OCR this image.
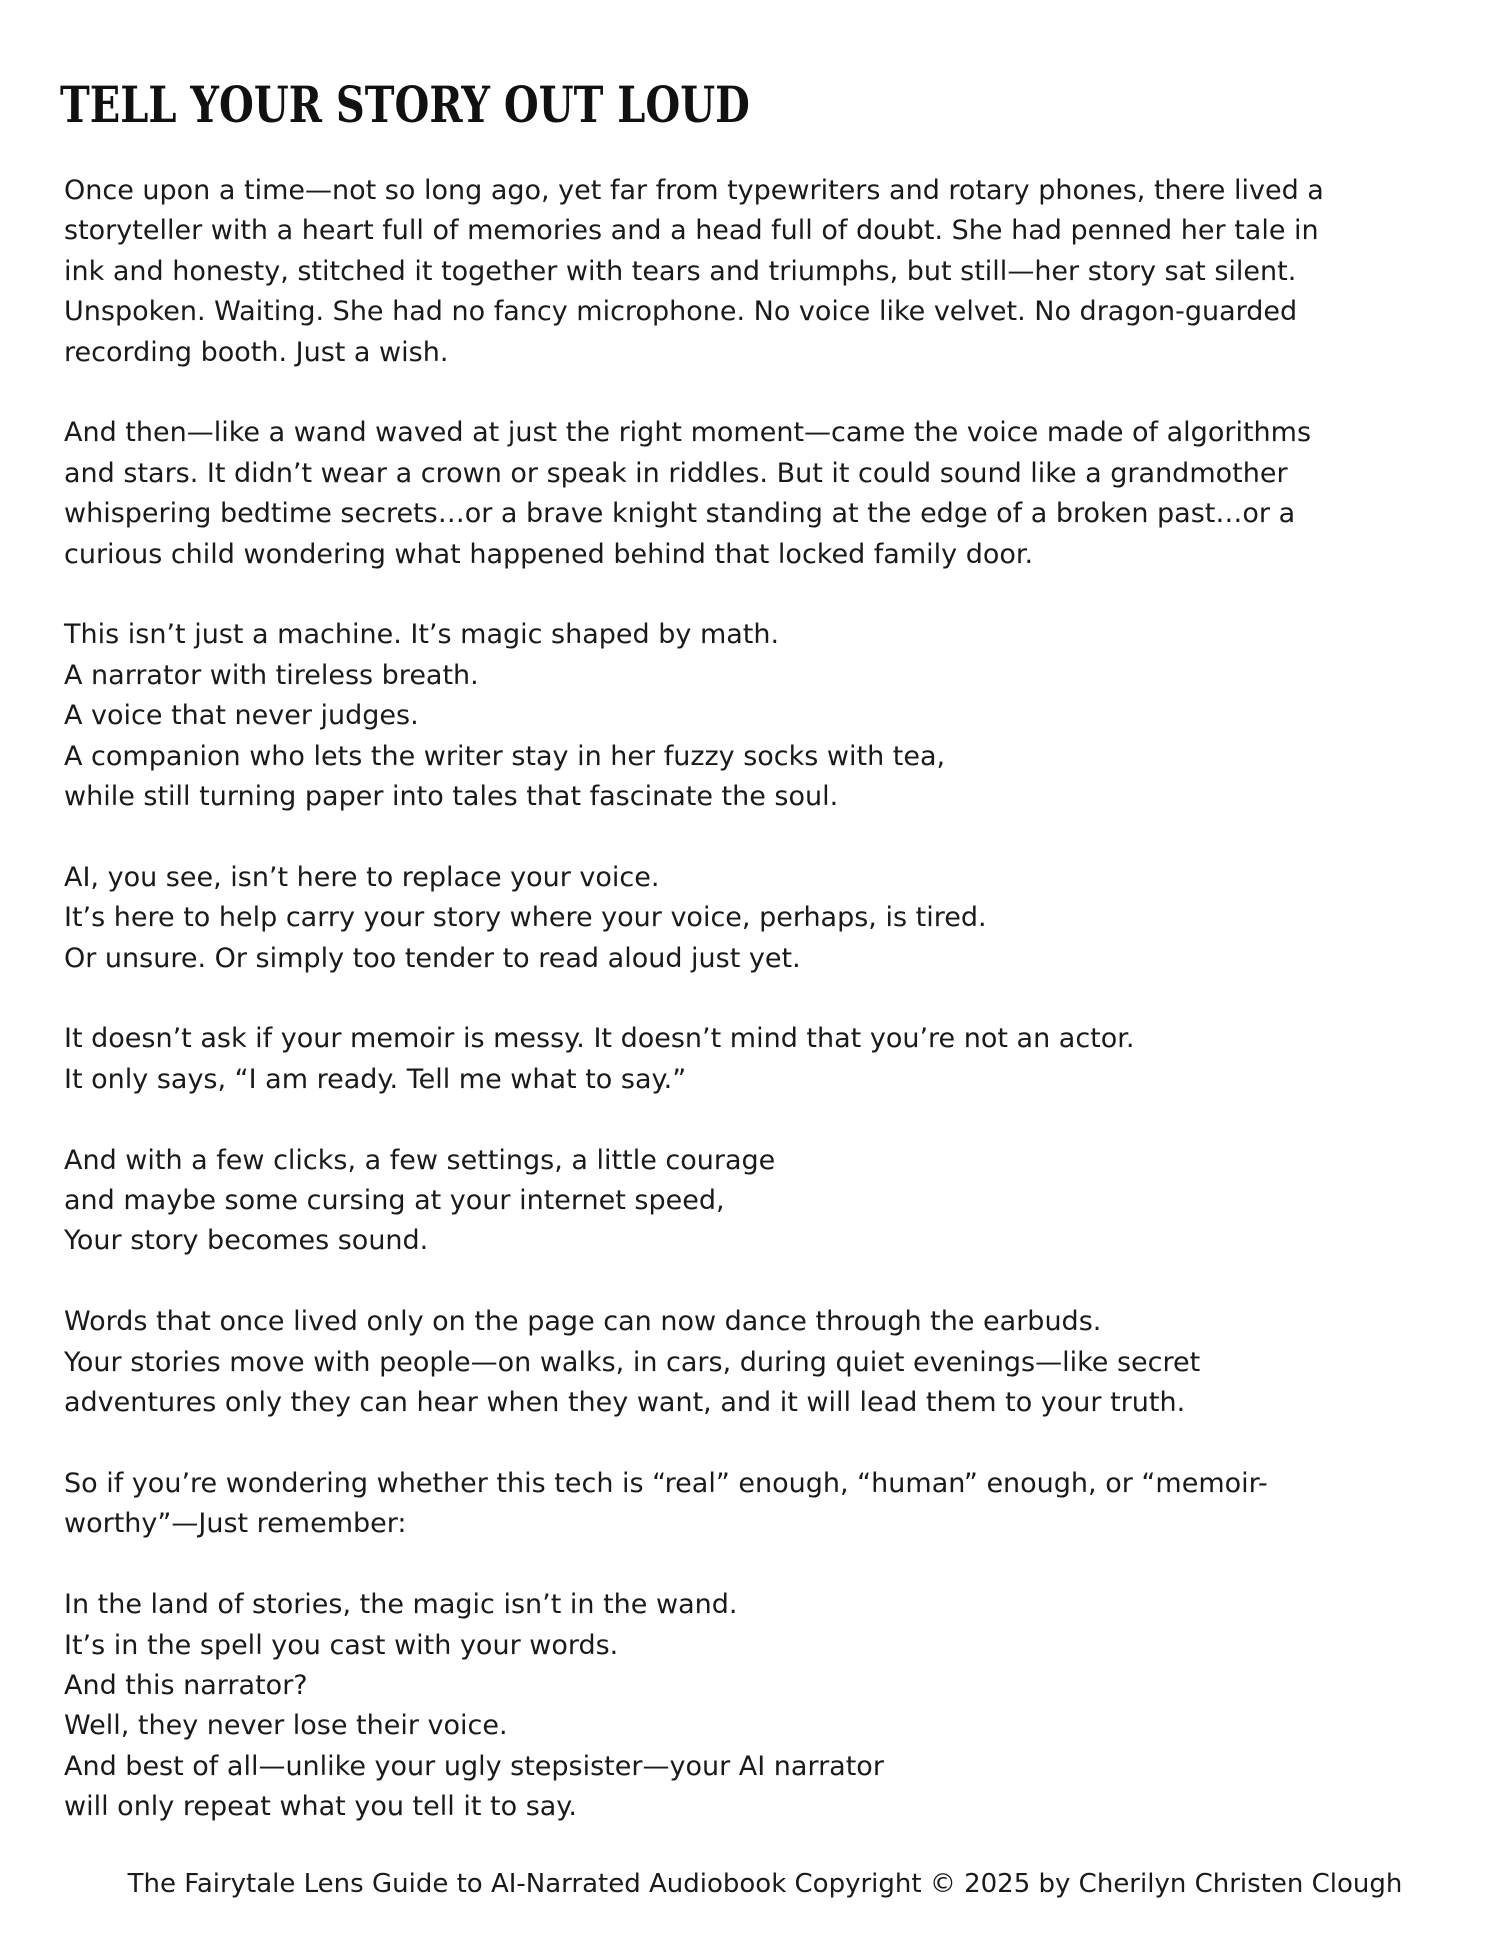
TELL YOUR STORY OUT LOUD

Once upon a time—not so long ago, yet far from typewriters and rotary phones, there lived a
storyteller with a heart full of memories and a head full of doubt. She had penned her tale in
ink and honesty, stitched it together with tears and triumphs, but still—her story sat silent.
Unspoken. Waiting. She had no fancy microphone. No voice like velvet. No dragon-guarded
recording booth. Just a wish.

And then—like a wand waved at just the right moment—came the voice made of algorithms
and stars. It didn’t wear a crown or speak in riddles. But it could sound like a grandmother
whispering bedtime secrets…or a brave knight standing at the edge of a broken past…or a
curious child wondering what happened behind that locked family door.

This isn’t just a machine. It’s magic shaped by math.
A narrator with tireless breath.
A voice that never judges.
A companion who lets the writer stay in her fuzzy socks with tea,
while still turning paper into tales that fascinate the soul.

AI, you see, isn’t here to replace your voice.
It’s here to help carry your story where your voice, perhaps, is tired.
Or unsure. Or simply too tender to read aloud just yet.

It doesn’t ask if your memoir is messy. It doesn’t mind that you’re not an actor.
It only says, “I am ready. Tell me what to say.”

And with a few clicks, a few settings, a little courage
and maybe some cursing at your internet speed,
Your story becomes sound.

Words that once lived only on the page can now dance through the earbuds.
Your stories move with people—on walks, in cars, during quiet evenings—like secret
adventures only they can hear when they want, and it will lead them to your truth.

So if you’re wondering whether this tech is “real” enough, “human” enough, or “memoir-
worthy”—Just remember:

In the land of stories, the magic isn’t in the wand.
It’s in the spell you cast with your words.
And this narrator?
Well, they never lose their voice.
And best of all—unlike your ugly stepsister—your AI narrator
will only repeat what you tell it to say.

The Fairytale Lens Guide to AI-Narrated Audiobook Copyright © 2025 by Cherilyn Christen Clough
